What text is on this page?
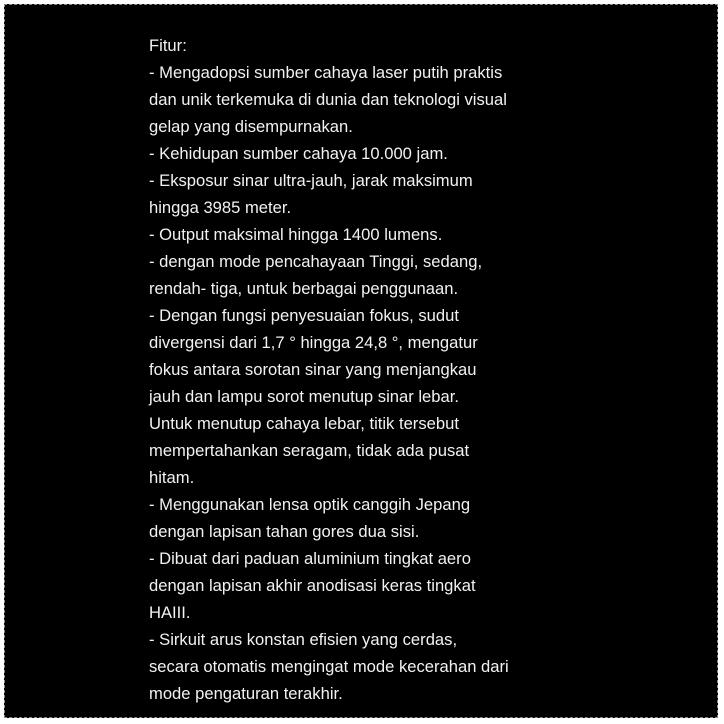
Fitur:
- Mengadopsi sumber cahaya laser putih praktis
dan unik terkemuka di dunia dan teknologi visual
gelap yang disempurnakan.
- Kehidupan sumber cahaya 10.000 jam.
- Eksposur sinar ultra-jauh, jarak maksimum
hingga 3985 meter.
- Output maksimal hingga 1400 lumens.
- dengan mode pencahayaan Tinggi, sedang,
rendah- tiga, untuk berbagai penggunaan.
- Dengan fungsi penyesuaian fokus, sudut
divergensi dari 1,7 ° hingga 24,8 °, mengatur
fokus antara sorotan sinar yang menjangkau
jauh dan lampu sorot menutup sinar lebar.
Untuk menutup cahaya lebar, titik tersebut
mempertahankan seragam, tidak ada pusat
hitam.
- Menggunakan lensa optik canggih Jepang
dengan lapisan tahan gores dua sisi.
- Dibuat dari paduan aluminium tingkat aero
dengan lapisan akhir anodisasi keras tingkat
HAIII.
- Sirkuit arus konstan efisien yang cerdas,
secara otomatis mengingat mode kecerahan dari
mode pengaturan terakhir.
